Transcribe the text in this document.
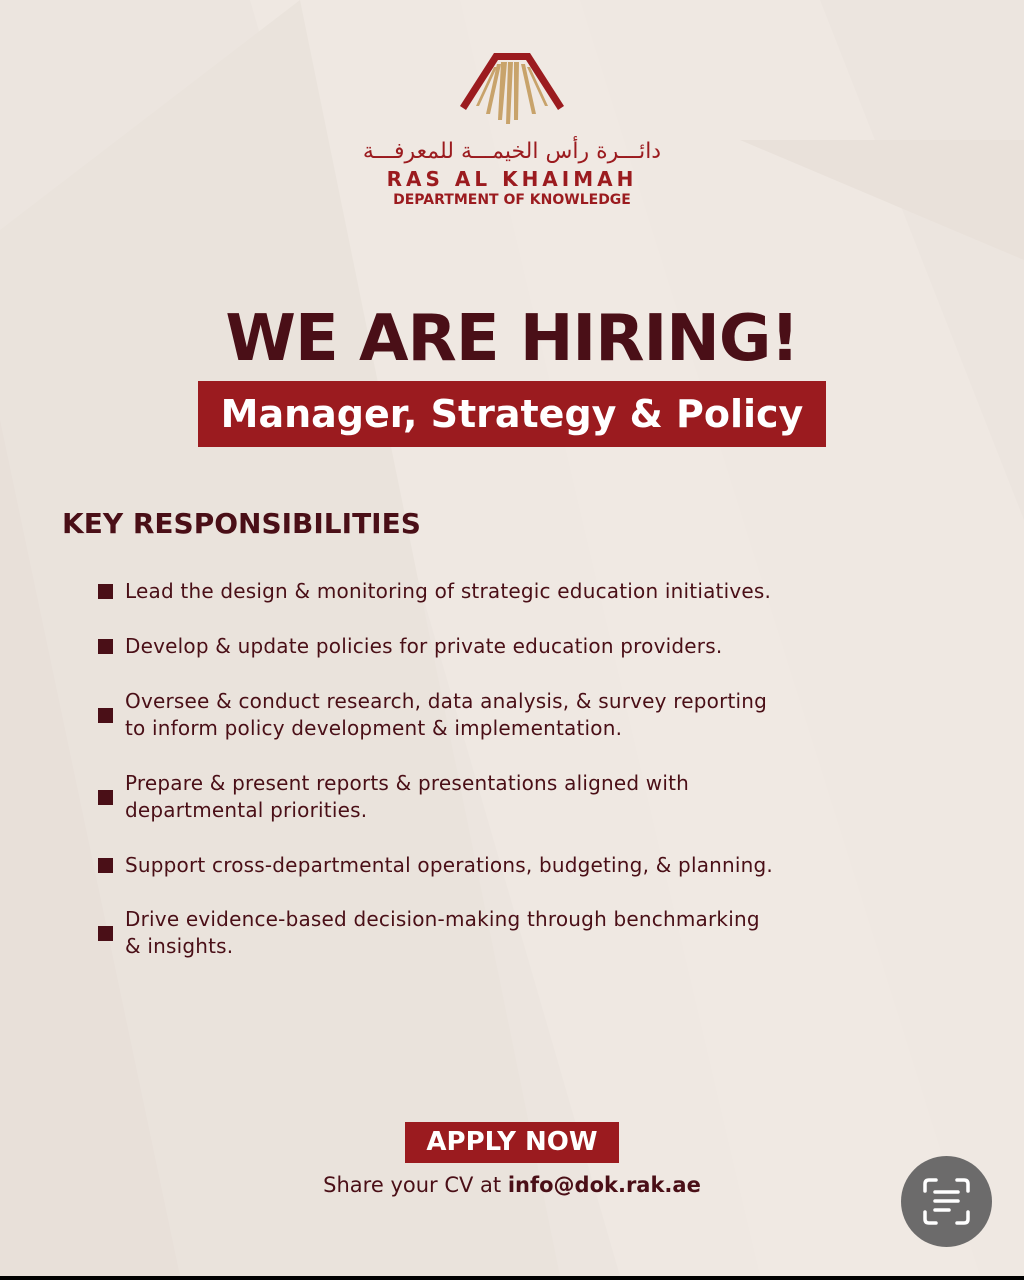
دائـــرة رأس الخيمـــة للمعرفـــة
RAS AL KHAIMAH
DEPARTMENT OF KNOWLEDGE
WE ARE HIRING!
Manager, Strategy & Policy
KEY RESPONSIBILITIES
Lead the design & monitoring of strategic education initiatives.
Develop & update policies for private education providers.
Oversee & conduct research, data analysis, & survey reporting
to inform policy development & implementation.
Prepare & present reports & presentations aligned with
departmental priorities.
Support cross-departmental operations, budgeting, & planning.
Drive evidence-based decision-making through benchmarking
& insights.
APPLY NOW
Share your CV at info@dok.rak.ae
